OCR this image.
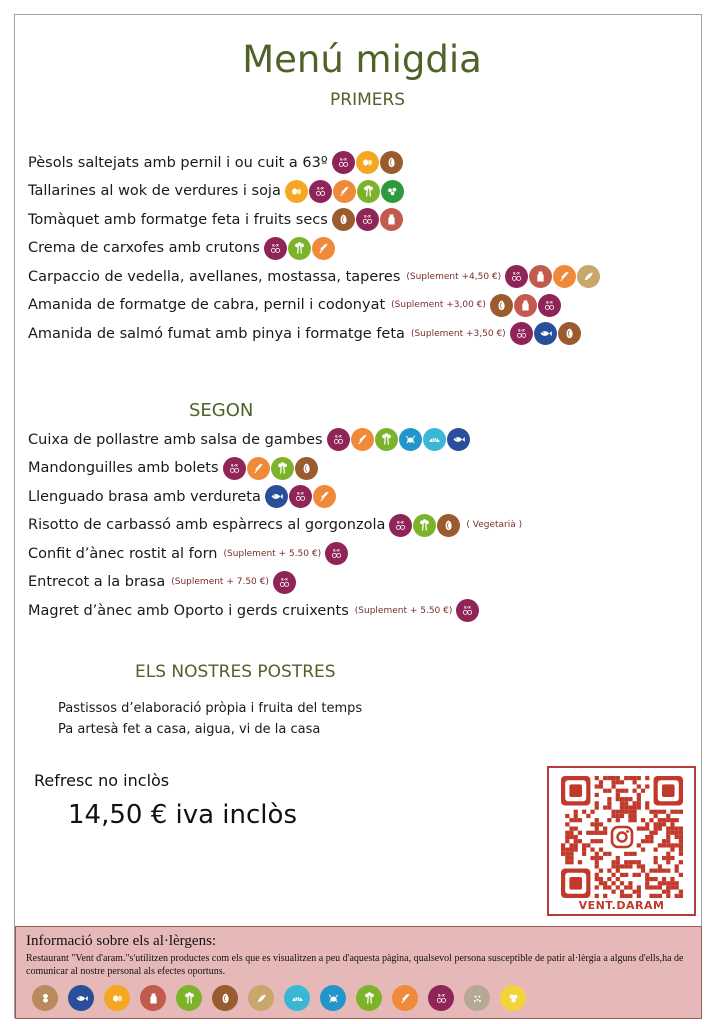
Menú migdia
PRIMERS
Pèsols saltejats amb pernil i ou cuit a 63º E-X
Tallarines al wok de verdures i soja	E-X
Tomàquet amb formatge feta i fruits secs	E-X
Crema de carxofes amb crutons E-X
Carpaccio de vedella, avellanes, mostassa, taperes (Suplement +4,50 €) E-X
Amanida de formatge de cabra, pernil i codonyat (Suplement +3,00 €)	E-X
Amanida de salmó fumat amb pinya i formatge feta (Suplement +3,50 €) E-X
SEGON
Cuixa de pollastre amb salsa de gambes E-X
Mandonguilles amb bolets E-X
Llenguado brasa amb verdureta	E-X
Risotto de carbassó amb espàrrecs al gorgonzola E-X	( Vegetarià )
Confit d’ànec rostit al forn (Suplement + 5.50 €) E-X
Entrecot a la brasa (Suplement + 7.50 €) E-X
Magret d’ànec amb Oporto i gerds cruixents (Suplement + 5.50 €) E-X
ELS NOSTRES POSTRES
Pastissos d’elaboració pròpia i fruita del temps
Pa artesà fet a casa, aigua, vi de la casa
Refresc no inclòs
14,50 € iva inclòs
VENT.DARAM
Informació sobre els al·lèrgens:
Restaurant "Vent d'aram."s'utilitzen productes com els que es visualitzen a peu d'aquesta pàgina, qualsevol persona susceptible de patir al·lèrgia a alguns d'ells,ha de comunicar al nostre personal als efectes oportuns.
E-X
